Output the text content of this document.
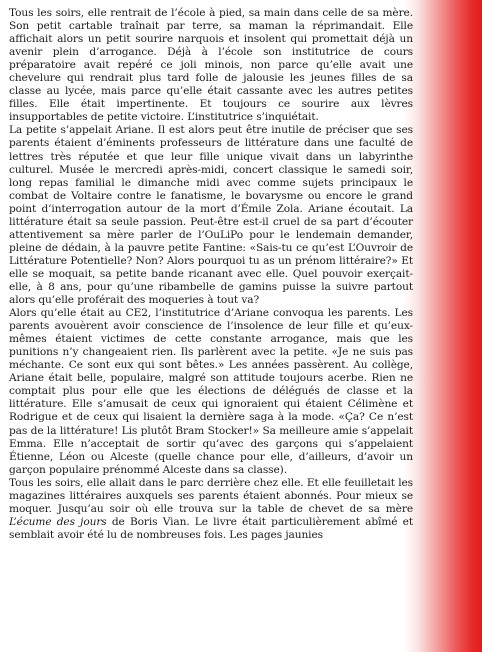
Tous les soirs, elle rentrait de l’école à pied, sa main dans celle de sa mère. Son petit cartable traînait par terre, sa maman la réprimandait. Elle affichait alors un petit sourire narquois et insolent qui promettait déjà un avenir plein d’arrogance. Déjà à l’école son institutrice de cours préparatoire avait repéré ce joli minois, non parce qu’elle avait une chevelure qui rendrait plus tard folle de jalousie les jeunes filles de sa classe au lycée, mais parce qu’elle était cassante avec les autres petites filles. Elle était impertinente. Et toujours ce sourire aux lèvres insupportables de petite victoire. L’institutrice s’inquiétait.

La petite s’appelait Ariane. Il est alors peut être inutile de préciser que ses parents étaient d’éminents professeurs de littérature dans une faculté de lettres très réputée et que leur fille unique vivait dans un labyrinthe culturel. Musée le mercredi après-midi, concert classique le samedi soir, long repas familial le dimanche midi avec comme sujets principaux le combat de Voltaire contre le fanatisme, le bovarysme ou encore le grand point d’interrogation autour de la mort d’Émile Zola. Ariane écoutait. La littérature était sa seule passion. Peut-être est-il cruel de sa part d’écouter attentivement sa mère parler de l’OuLiPo pour le lendemain demander, pleine de dédain, à la pauvre petite Fantine: «Sais-tu ce qu’est L’Ouvroir de Littérature Potentielle? Non? Alors pourquoi tu as un prénom littéraire?» Et elle se moquait, sa petite bande ricanant avec elle. Quel pouvoir exerçait-elle, à 8 ans, pour qu’une ribambelle de gamins puisse la suivre partout alors qu’elle proférait des moqueries à tout va?

Alors qu’elle était au CE2, l’institutrice d’Ariane convoqua les parents. Les parents avouèrent avoir conscience de l’insolence de leur fille et qu’eux-mêmes étaient victimes de cette constante arrogance, mais que les punitions n’y changeaient rien. Ils parlèrent avec la petite. «Je ne suis pas méchante. Ce sont eux qui sont bêtes.» Les années passèrent. Au collège, Ariane était belle, populaire, malgré son attitude toujours acerbe. Rien ne comptait plus pour elle que les élections de délégués de classe et la littérature. Elle s’amusait de ceux qui ignoraient qui étaient Célimène et Rodrigue et de ceux qui lisaient la dernière saga à la mode. «Ça? Ce n’est pas de la littérature! Lis plutôt Bram Stocker!» Sa meilleure amie s’appelait Emma. Elle n’acceptait de sortir qu’avec des garçons qui s’appelaient Étienne, Léon ou Alceste (quelle chance pour elle, d’ailleurs, d’avoir un garçon populaire prénommé Alceste dans sa classe).

Tous les soirs, elle allait dans le parc derrière chez elle. Et elle feuilletait les magazines littéraires auxquels ses parents étaient abonnés. Pour mieux se moquer. Jusqu’au soir où elle trouva sur la table de chevet de sa mère L’écume des jours de Boris Vian. Le livre était particulièrement abîmé et semblait avoir été lu de nombreuses fois. Les pages jaunies
